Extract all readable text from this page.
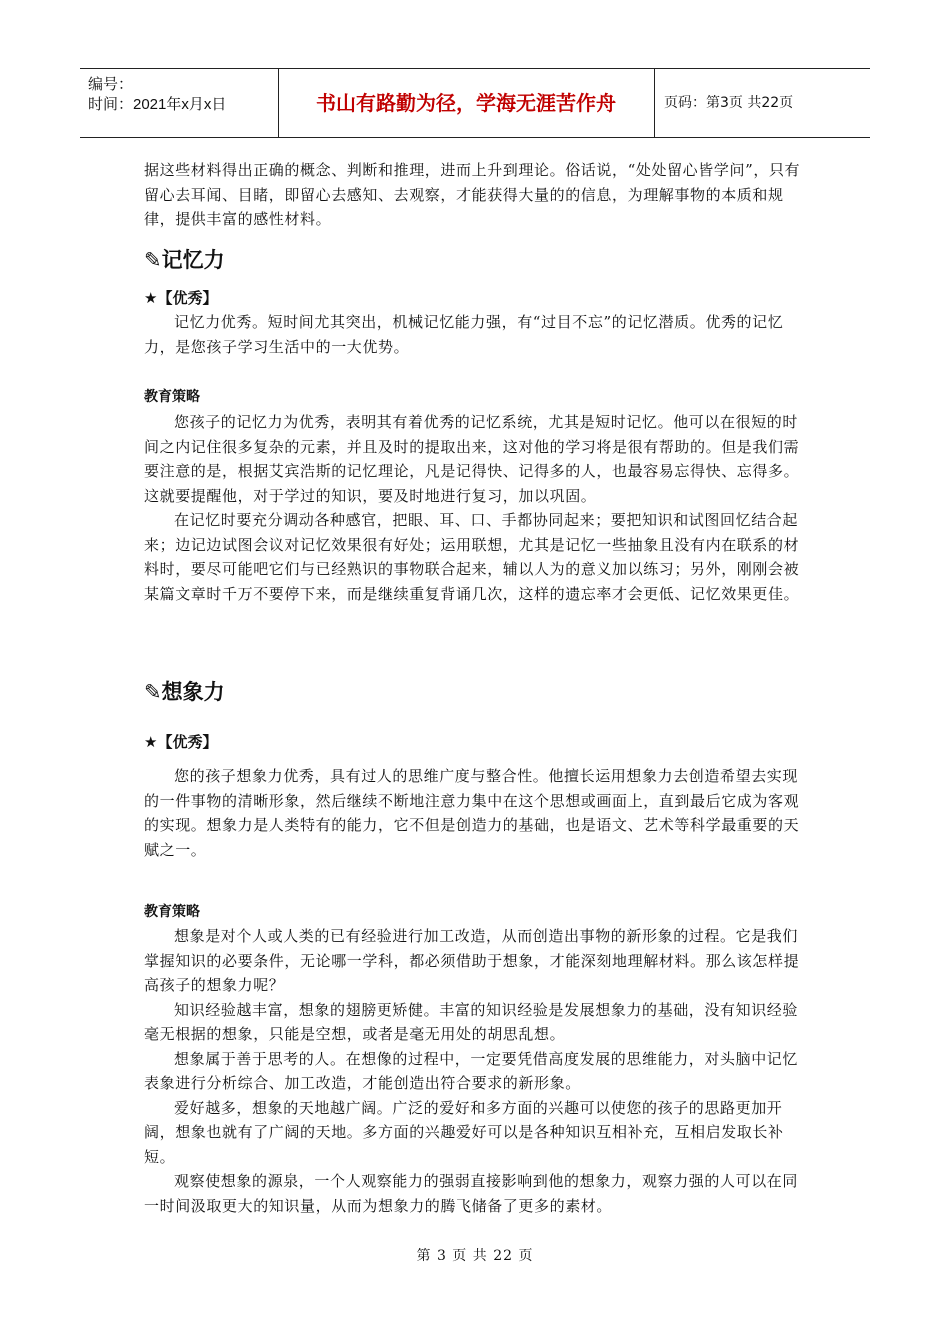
编号：
时间：2021年x月x日	书山有路勤为径，学海无涯苦作舟	页码：第3页 共22页

据这些材料得出正确的概念、判断和推理，进而上升到理论。俗话说，“处处留心皆学问”，只有留心去耳闻、目睹，即留心去感知、去观察，才能获得大量的的信息，为理解事物的本质和规律，提供丰富的感性材料。

✎记忆力
★【优秀】

记忆力优秀。短时间尤其突出，机械记忆能力强，有“过目不忘”的记忆潜质。优秀的记忆力，是您孩子学习生活中的一大优势。

教育策略

您孩子的记忆力为优秀，表明其有着优秀的记忆系统，尤其是短时记忆。他可以在很短的时间之内记住很多复杂的元素，并且及时的提取出来，这对他的学习将是很有帮助的。但是我们需要注意的是，根据艾宾浩斯的记忆理论，凡是记得快、记得多的人，也最容易忘得快、忘得多。这就要提醒他，对于学过的知识，要及时地进行复习，加以巩固。

在记忆时要充分调动各种感官，把眼、耳、口、手都协同起来；要把知识和试图回忆结合起来；边记边试图会议对记忆效果很有好处；运用联想，尤其是记忆一些抽象且没有内在联系的材料时，要尽可能吧它们与已经熟识的事物联合起来，辅以人为的意义加以练习；另外，刚刚会被某篇文章时千万不要停下来，而是继续重复背诵几次，这样的遗忘率才会更低、记忆效果更佳。

✎想象力
★【优秀】

您的孩子想象力优秀，具有过人的思维广度与整合性。他擅长运用想象力去创造希望去实现的一件事物的清晰形象，然后继续不断地注意力集中在这个思想或画面上，直到最后它成为客观的实现。想象力是人类特有的能力，它不但是创造力的基础，也是语文、艺术等科学最重要的天赋之一。

教育策略

想象是对个人或人类的已有经验进行加工改造，从而创造出事物的新形象的过程。它是我们掌握知识的必要条件，无论哪一学科，都必须借助于想象，才能深刻地理解材料。那么该怎样提高孩子的想象力呢？

知识经验越丰富，想象的翅膀更矫健。丰富的知识经验是发展想象力的基础，没有知识经验毫无根据的想象，只能是空想，或者是毫无用处的胡思乱想。

想象属于善于思考的人。在想像的过程中，一定要凭借高度发展的思维能力，对头脑中记忆表象进行分析综合、加工改造，才能创造出符合要求的新形象。

爱好越多，想象的天地越广阔。广泛的爱好和多方面的兴趣可以使您的孩子的思路更加开阔，想象也就有了广阔的天地。多方面的兴趣爱好可以是各种知识互相补充，互相启发取长补短。

观察使想象的源泉，一个人观察能力的强弱直接影响到他的想象力，观察力强的人可以在同一时间汲取更大的知识量，从而为想象力的腾飞储备了更多的素材。

第 3 页 共 22 页
